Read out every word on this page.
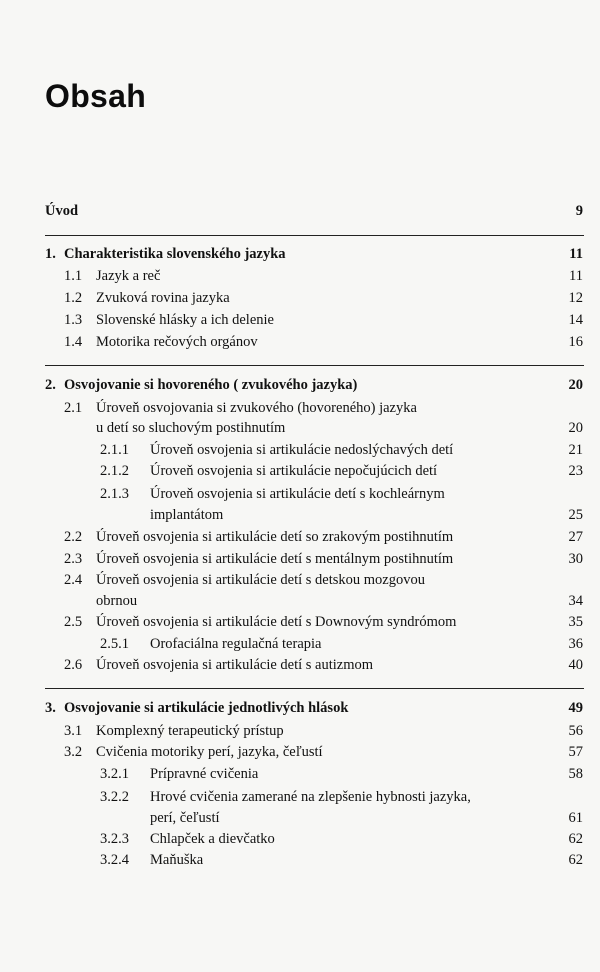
Obsah
Úvod	9
1. Charakteristika slovenského jazyka	11
1.1 Jazyk a reč	11
1.2 Zvuková rovina jazyka	12
1.3 Slovenské hlásky a ich delenie	14
1.4 Motorika rečových orgánov	16
2. Osvojovanie si hovoreného ( zvukového jazyka)	20
2.1 Úroveň osvojovania si zvukového (hovoreného) jazyka
u detí so sluchovým postihnutím	20
2.1.1 Úroveň osvojenia si artikulácie nedoslýchavých detí	21
2.1.2 Úroveň osvojenia si artikulácie nepočujúcich detí	23
2.1.3 Úroveň osvojenia si artikulácie detí s kochleárnym
implantátom	25
2.2 Úroveň osvojenia si artikulácie detí so zrakovým postihnutím	27
2.3 Úroveň osvojenia si artikulácie detí s mentálnym postihnutím	30
2.4 Úroveň osvojenia si artikulácie detí s detskou mozgovou
obrnou	34
2.5 Úroveň osvojenia si artikulácie detí s Downovým syndrómom	35
2.5.1 Orofaciálna regulačná terapia	36
2.6 Úroveň osvojenia si artikulácie detí s autizmom	40
3. Osvojovanie si artikulácie jednotlivých hlások	49
3.1 Komplexný terapeutický prístup	56
3.2 Cvičenia motoriky perí, jazyka, čeľustí	57
3.2.1 Prípravné cvičenia	58
3.2.2 Hrové cvičenia zamerané na zlepšenie hybnosti jazyka,
perí, čeľustí	61
3.2.3 Chlapček a dievčatko	62
3.2.4 Maňuška	62
